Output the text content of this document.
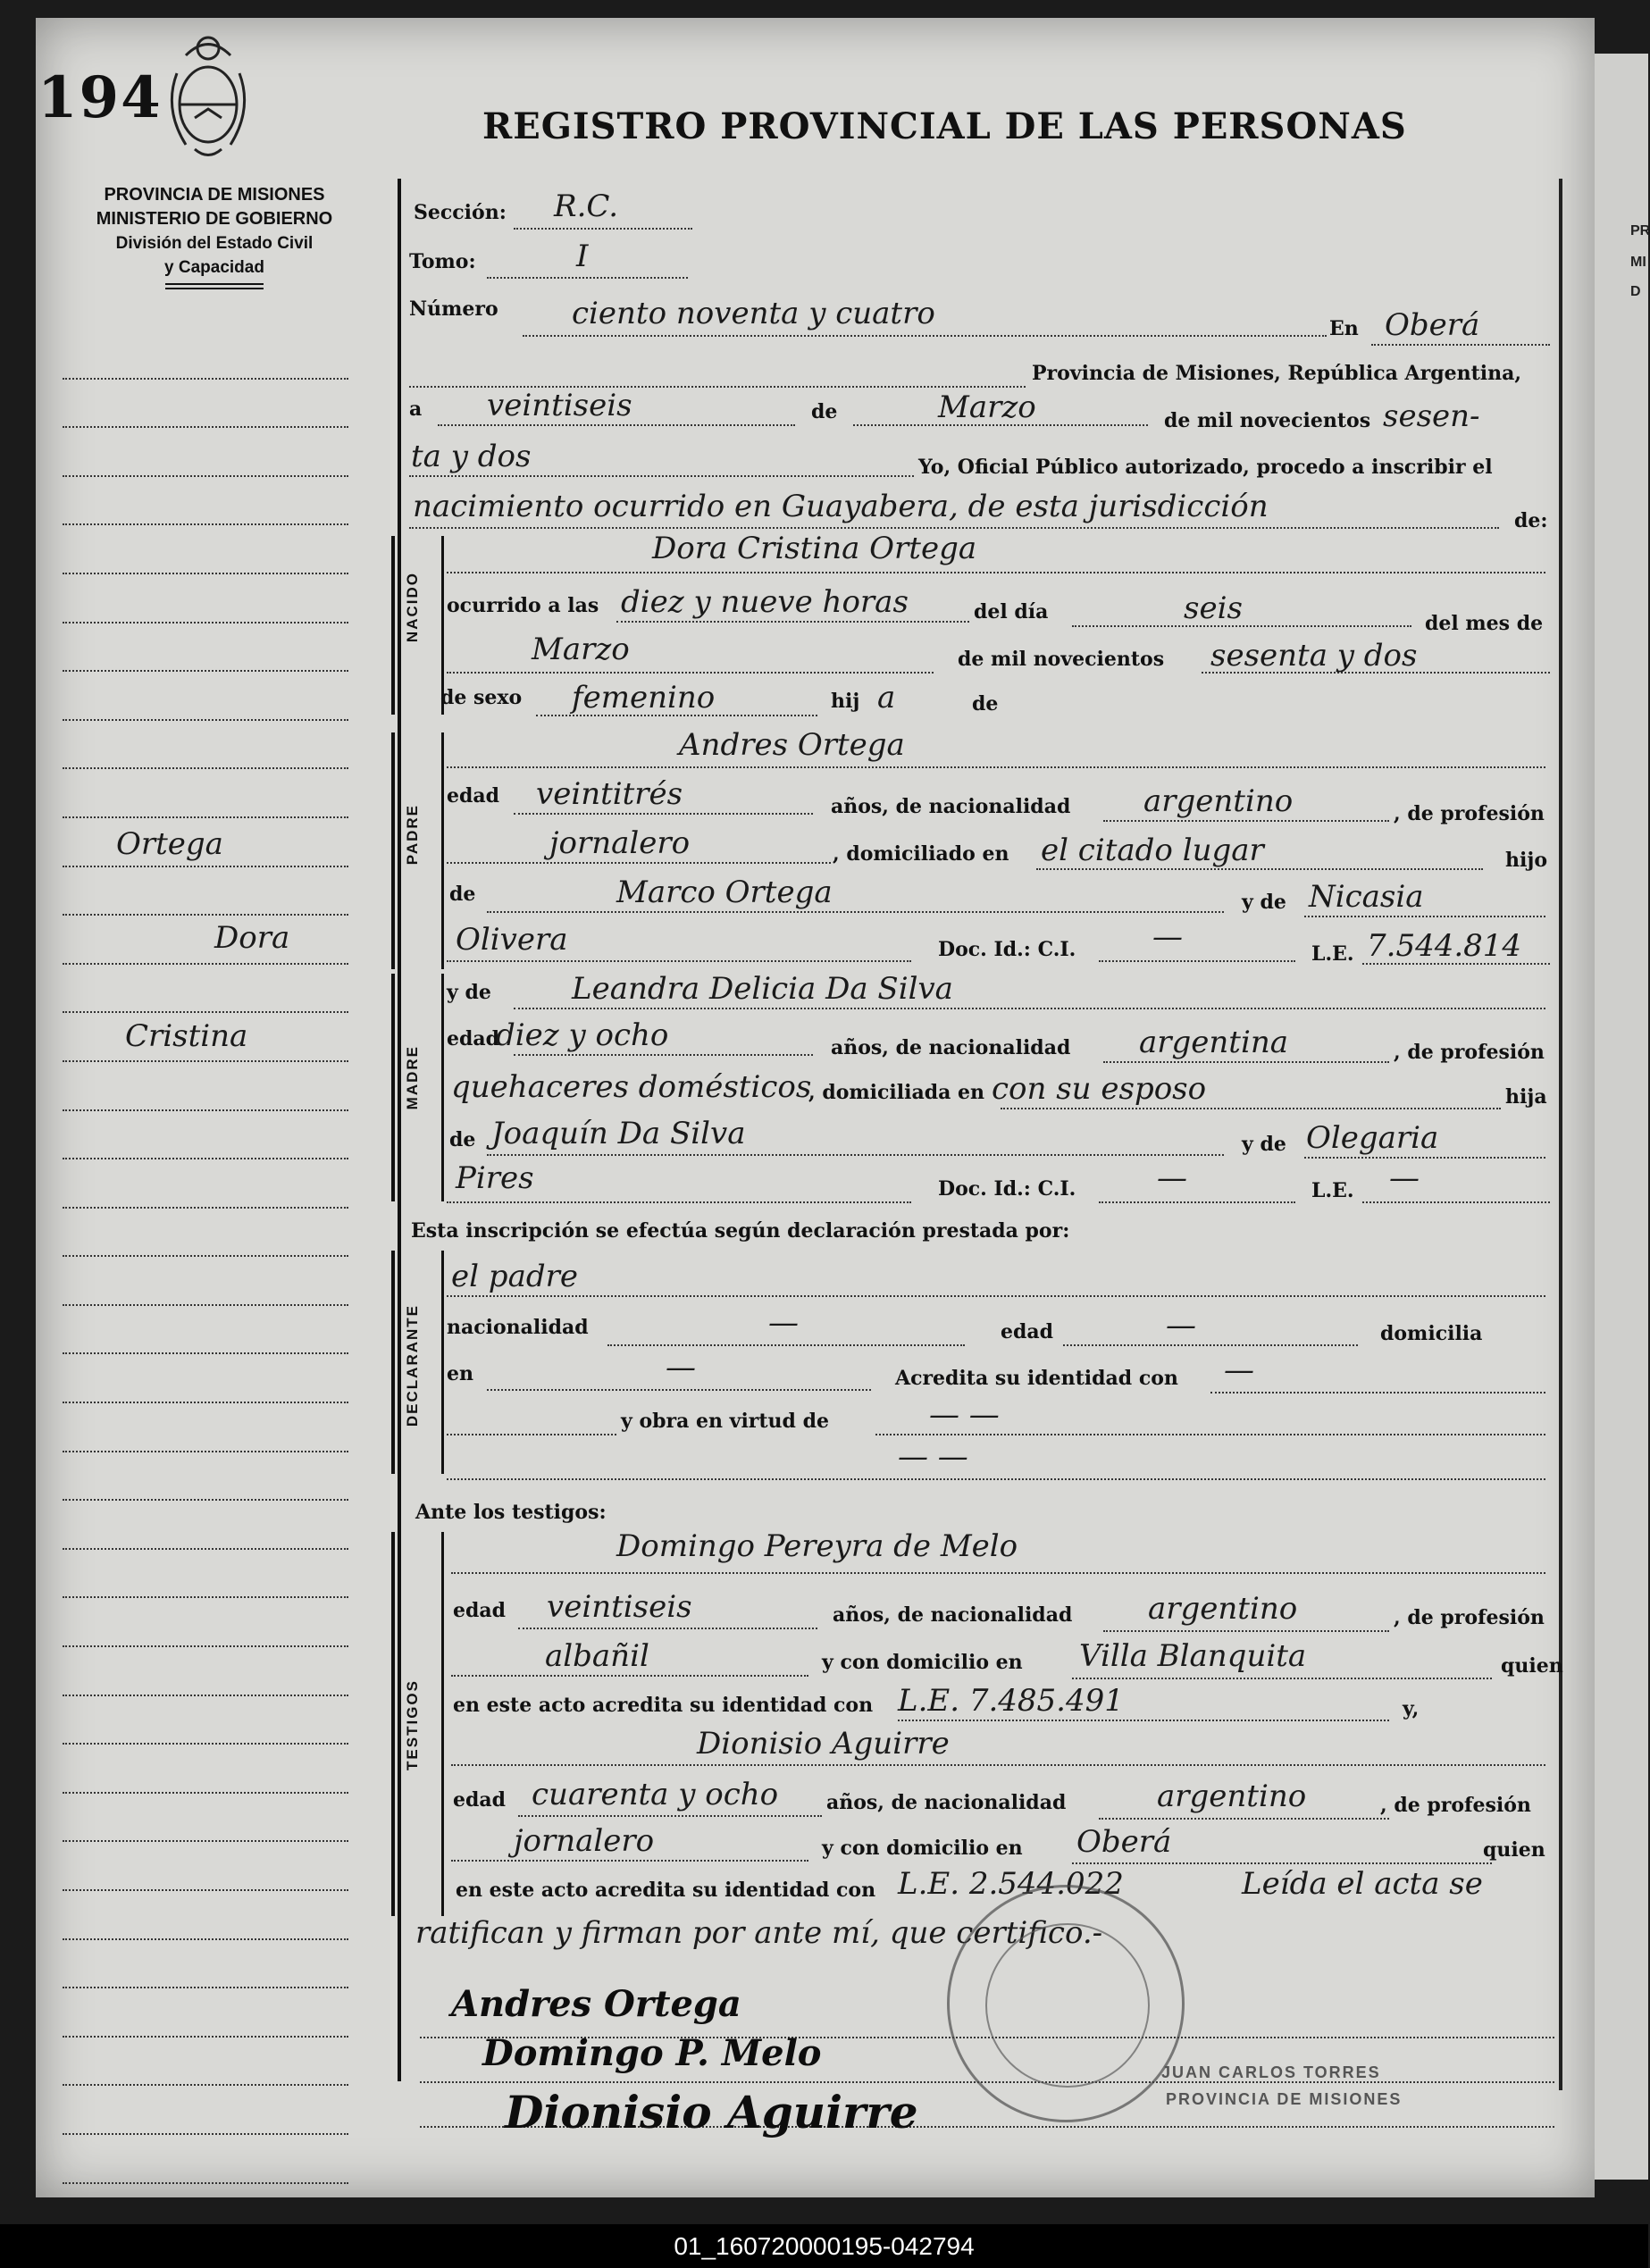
PR
MI
D
194	REGISTRO PROVINCIAL DE LAS PERSONAS
PROVINCIA DE MISIONES
MINISTERIO DE GOBIERNO
División del Estado Civil
y Capacidad
Ortega
Dora
Cristina
Sección: R.C.
Tomo:	I
Número ciento noventa y cuatro	En Oberá
Provincia de Misiones, República Argentina,
a veintiseis	de	Marzo	de mil novecientos sesen-
ta y dos	Yo, Oficial Público autorizado, procedo a inscribir el
nacimiento ocurrido en Guayabera, de esta jurisdicción	de:
NACIDO
Dora Cristina Ortega
ocurrido a las diez y nueve horas	del día	seis	del mes de
Marzo	de mil novecientos sesenta y dos
de sexo femenino	hij a	de
PADRE
Andres Ortega
edad veintitrés	años, de nacionalidad argentino	, de profesión
jornalero	, domiciliado en el citado lugar	hijo
de	Marco Ortega	y de Nicasia
Olivera	Doc. Id.: C.I.	—	L.E. 7.544.814
MADRE
y de	Leandra Delicia Da Silva
edad
diez y ocho	años, de nacionalidad argentina	, de profesión
quehaceres domésticos
, domiciliada en con su esposo	hija
de Joaquín Da Silva	y de Olegaria
Pires	Doc. Id.: C.I.	—	L.E. —
Esta inscripción se efectúa según declaración prestada por:
DECLARANTE
el padre
nacionalidad	—	edad	—	domicilia
en	—	Acredita su identidad con —
y obra en virtud de	— —
— —
Ante los testigos:
TESTIGOS
Domingo Pereyra de Melo
edad veintiseis	años, de nacionalidad argentino	, de profesión
albañil	y con domicilio en Villa Blanquita	quien
en este acto acredita su identidad con L.E. 7.485.491	y,
Dionisio Aguirre
edad cuarenta y ocho años, de nacionalidad	argentino	, de profesión
jornalero	y con domicilio en Oberá	quien
en este acto acredita su identidad con L.E. 2.544.022	Leída el acta se
ratifican y firman por ante mí, que certifico.-
JUAN CARLOS TORRES
PROVINCIA DE MISIONES
Andres Ortega
Domingo P. Melo
Dionisio Aguirre
01_160720000195-042794
